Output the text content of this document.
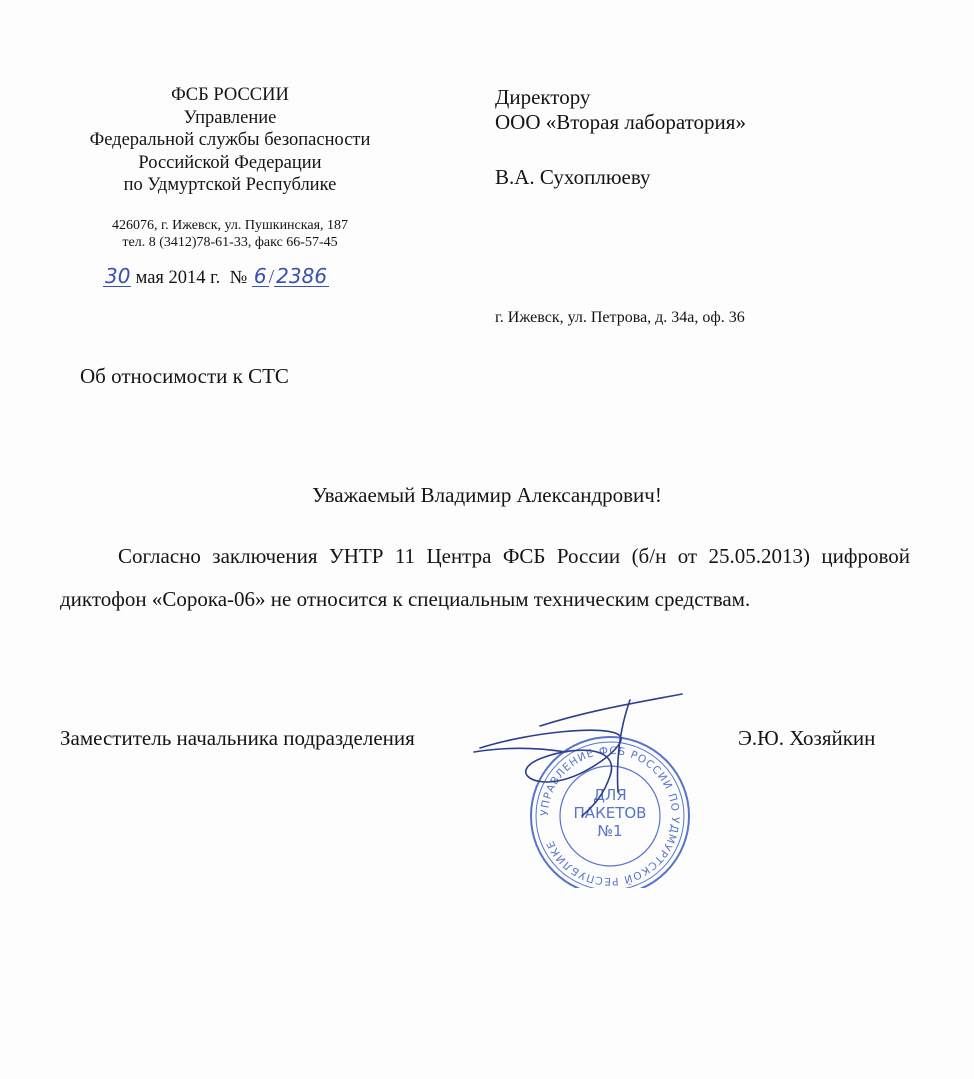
ФСБ РОССИИ
Управление
Федеральной службы безопасности
Российской Федерации
по Удмуртской Республике
426076, г. Ижевск, ул. Пушкинская, 187
тел. 8 (3412)78-61-33, факс 66-57-45
30 мая 2014 г. № 6 / 2386
Директору
ООО «Вторая лаборатория»
В.А. Сухоплюеву
г. Ижевск, ул. Петрова, д. 34а, оф. 36
Об относимости к СТС
Уважаемый Владимир Александрович!
Согласно заключения УНТР 11 Центра ФСБ России (б/н от 25.05.2013) цифровой диктофон «Сорока-06» не относится к специальным техническим средствам.
Заместитель начальника подразделения	Э.Ю. Хозяйкин
УПРАВЛЕНИЕ ФСБ РОССИИ ПО УДМУРТСКОЙ РЕСПУБЛИКЕ
ДЛЯ
ПАКЕТОВ
№1
